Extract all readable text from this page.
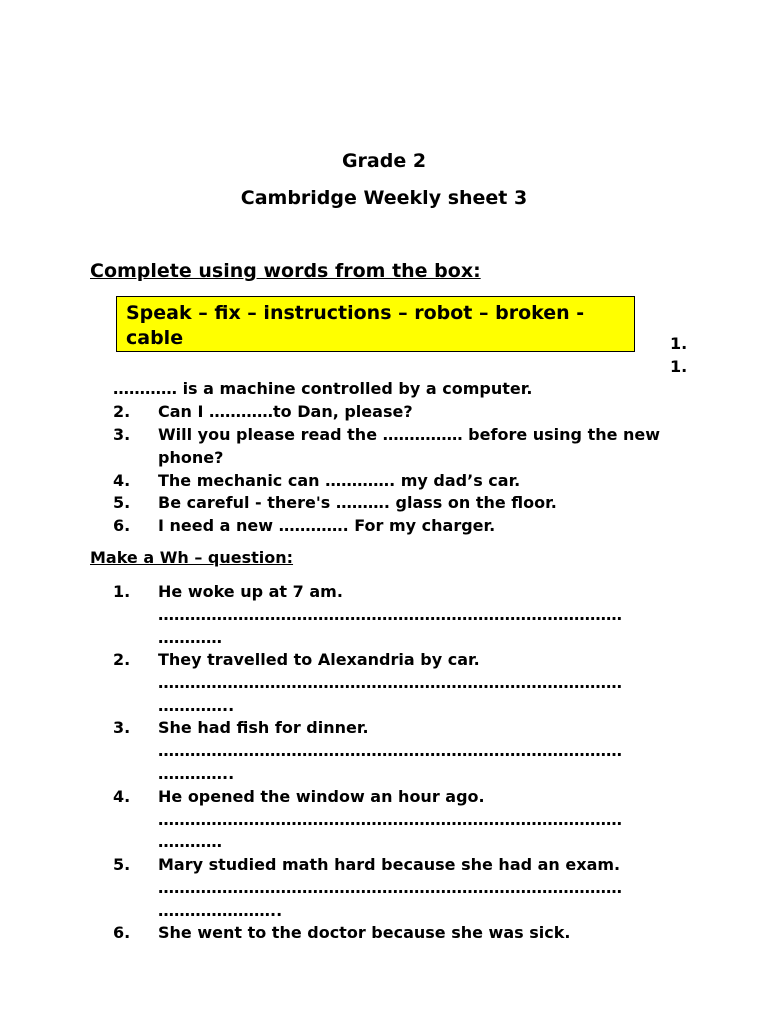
Grade 2
Cambridge Weekly sheet 3
Complete using words from the box:
Speak – fix – instructions – robot – broken - cable	1.
1.
………… is a machine controlled by a computer.
2. Can I …………to Dan, please?
3. Will you please read the …………… before using the new phone?
4. The mechanic can …………. my dad’s car.
5. Be careful - there's ………. glass on the floor.
6. I need a new …………. For my charger.
Make a Wh – question:
1. He woke up at 7 am.
……………………………………………………………………………
…………
2. They travelled to Alexandria by car.
……………………………………………………………………………
…………..
3. She had fish for dinner.
……………………………………………………………………………
…………..
4. He opened the window an hour ago.
……………………………………………………………………………
…………
5. Mary studied math hard because she had an exam.
……………………………………………………………………………
…………………..
6. She went to the doctor because she was sick.
